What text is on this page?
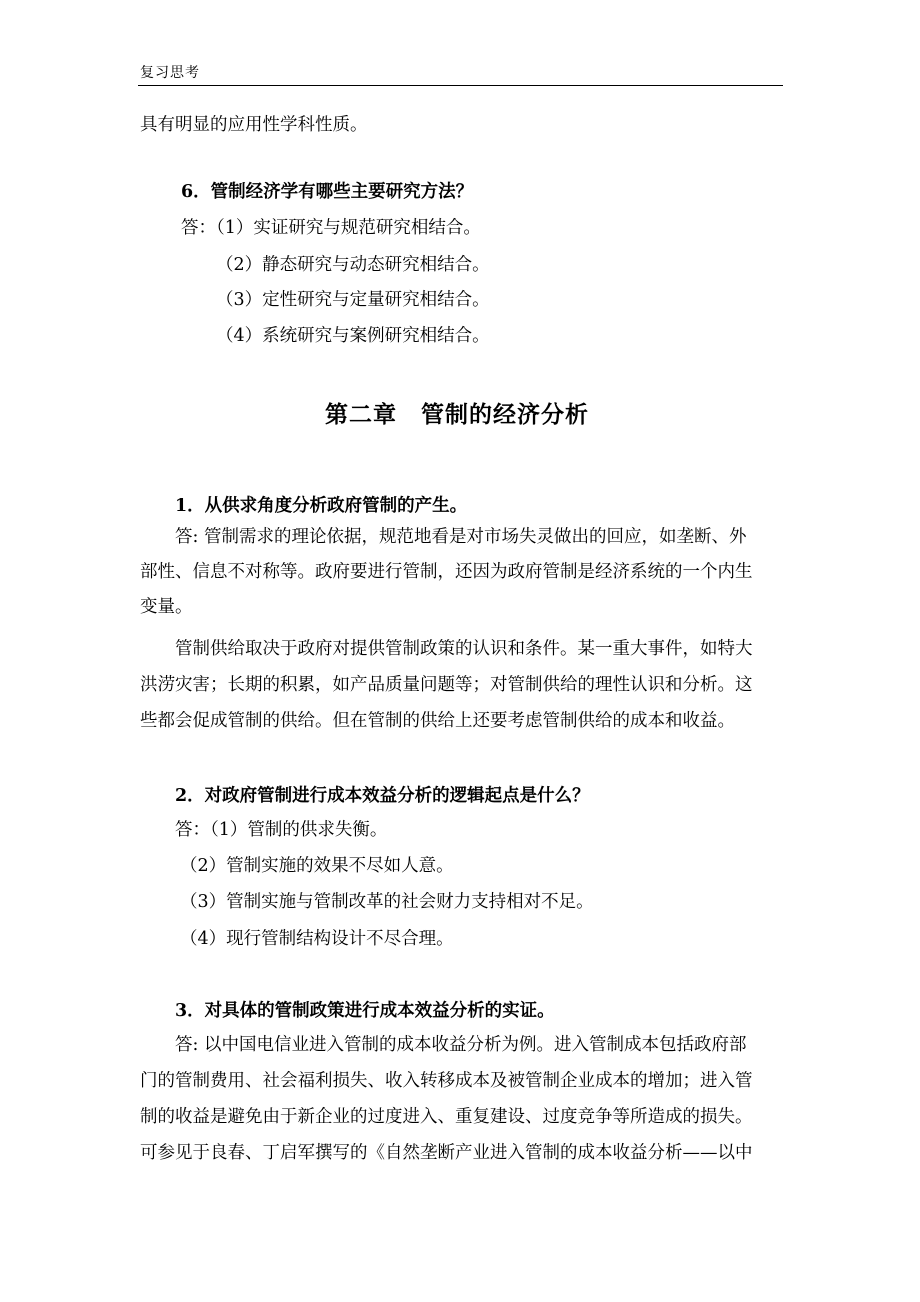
复习思考
具有明显的应用性学科性质。
6．管制经济学有哪些主要研究方法？
答：（1）实证研究与规范研究相结合。
（2）静态研究与动态研究相结合。
（3）定性研究与定量研究相结合。
（4）系统研究与案例研究相结合。
第二章　管制的经济分析
1．从供求角度分析政府管制的产生。
答: 管制需求的理论依据，规范地看是对市场失灵做出的回应，如垄断、外
部性、信息不对称等。政府要进行管制，还因为政府管制是经济系统的一个内生
变量。
管制供给取决于政府对提供管制政策的认识和条件。某一重大事件，如特大
洪涝灾害；长期的积累，如产品质量问题等；对管制供给的理性认识和分析。这
些都会促成管制的供给。但在管制的供给上还要考虑管制供给的成本和收益。
2．对政府管制进行成本效益分析的逻辑起点是什么？
答：（1）管制的供求失衡。
（2）管制实施的效果不尽如人意。
（3）管制实施与管制改革的社会财力支持相对不足。
（4）现行管制结构设计不尽合理。
3．对具体的管制政策进行成本效益分析的实证。
答: 以中国电信业进入管制的成本收益分析为例。进入管制成本包括政府部
门的管制费用、社会福利损失、收入转移成本及被管制企业成本的增加；进入管
制的收益是避免由于新企业的过度进入、重复建设、过度竞争等所造成的损失。
可参见于良春、丁启军撰写的《自然垄断产业进入管制的成本收益分析——以中
